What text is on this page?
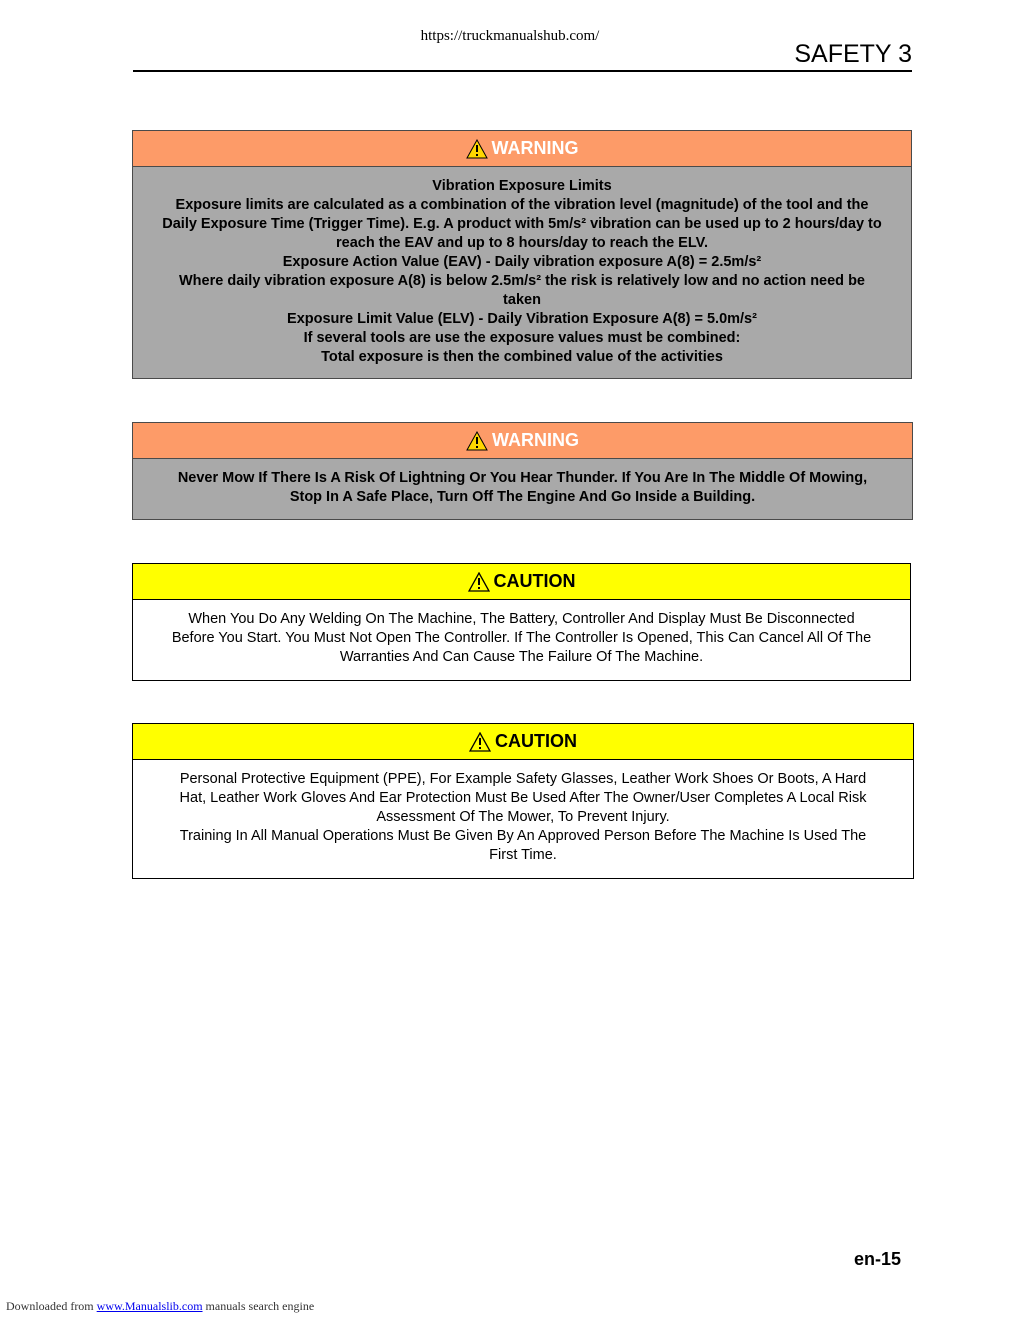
https://truckmanualshub.com/
SAFETY 3
WARNING
Vibration Exposure Limits
Exposure limits are calculated as a combination of the vibration level (magnitude) of the tool and the
Daily Exposure Time (Trigger Time). E.g. A product with 5m/s² vibration can be used up to 2 hours/day to
reach the EAV and up to 8 hours/day to reach the ELV.
Exposure Action Value (EAV) - Daily vibration exposure A(8) = 2.5m/s²
Where daily vibration exposure A(8) is below 2.5m/s² the risk is relatively low and no action need be
taken
Exposure Limit Value (ELV) - Daily Vibration Exposure A(8) = 5.0m/s²
If several tools are use the exposure values must be combined:
Total exposure is then the combined value of the activities
WARNING
Never Mow If There Is A Risk Of Lightning Or You Hear Thunder. If You Are In The Middle Of Mowing,
Stop In A Safe Place, Turn Off The Engine And Go Inside a Building.
CAUTION
When You Do Any Welding On The Machine, The Battery, Controller And Display Must Be Disconnected
Before You Start. You Must Not Open The Controller. If The Controller Is Opened, This Can Cancel All Of The
Warranties And Can Cause The Failure Of The Machine.
CAUTION
Personal Protective Equipment (PPE), For Example Safety Glasses, Leather Work Shoes Or Boots, A Hard
Hat, Leather Work Gloves And Ear Protection Must Be Used After The Owner/User Completes A Local Risk
Assessment Of The Mower, To Prevent Injury.
Training In All Manual Operations Must Be Given By An Approved Person Before The Machine Is Used The
First Time.
en-15
Downloaded from www.Manualslib.com manuals search engine
